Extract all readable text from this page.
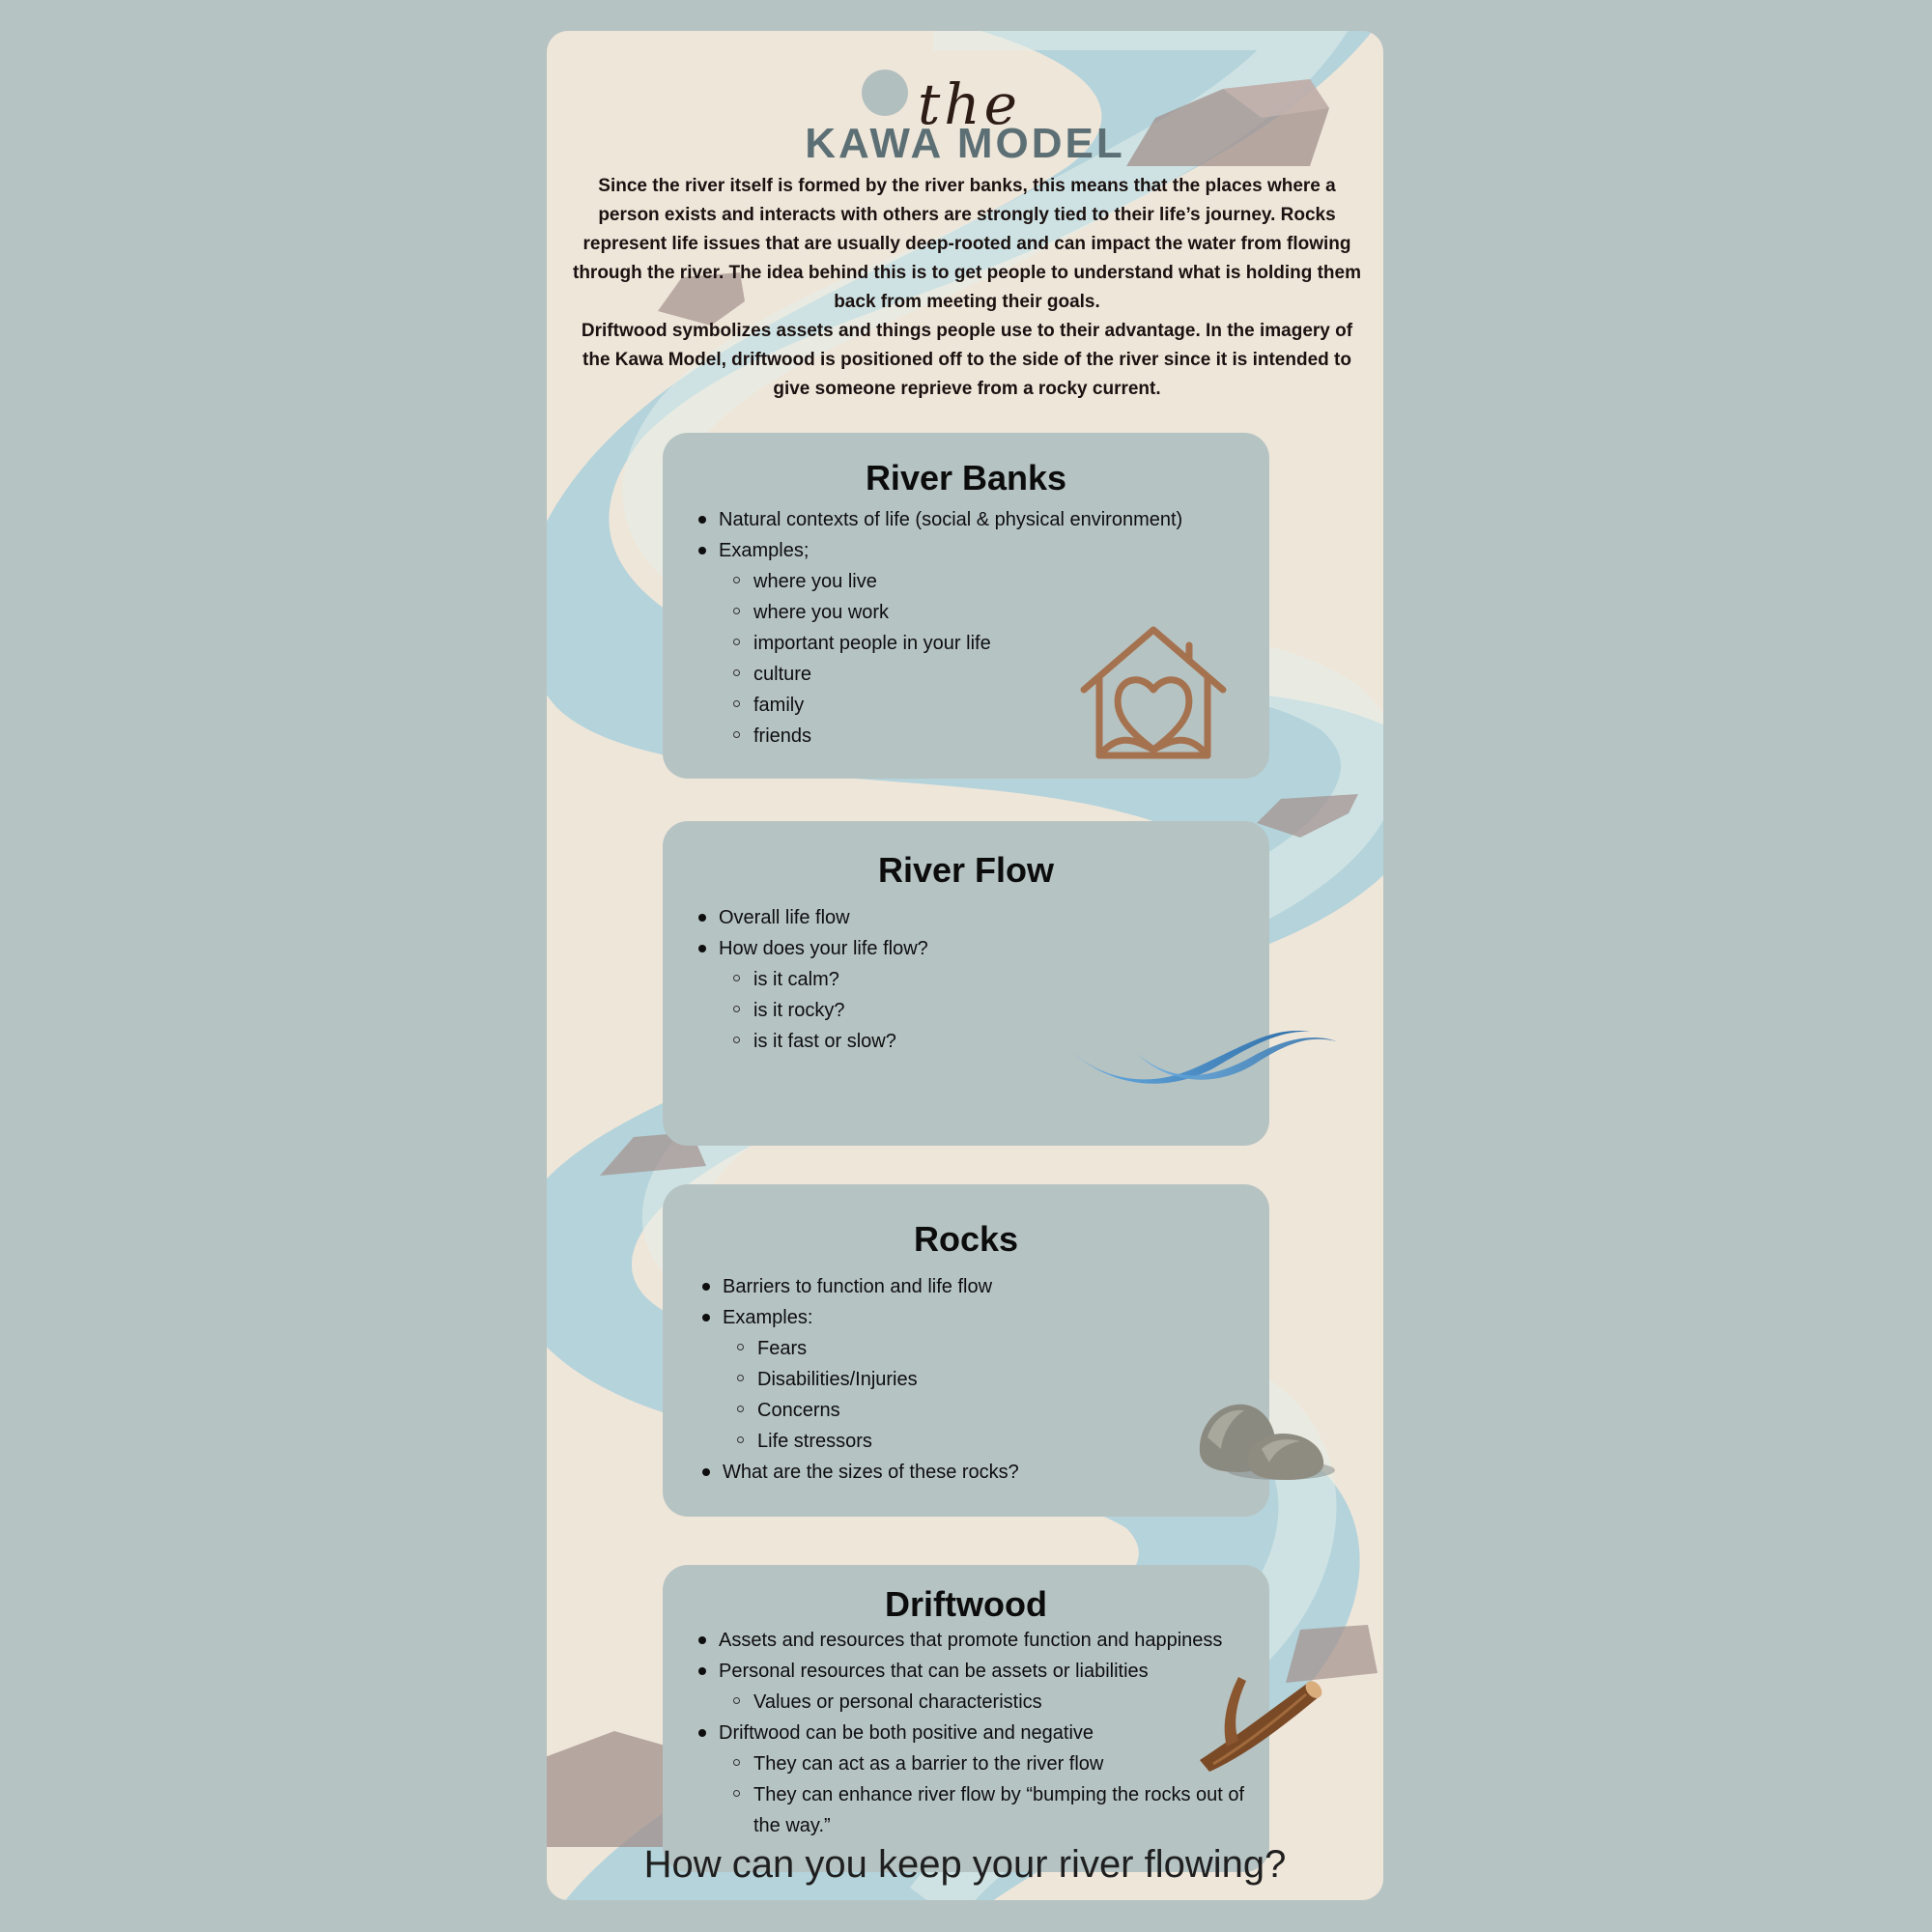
the
KAWA MODEL

Since the river itself is formed by the river banks, this means that the places where a person exists and interacts with others are strongly tied to their life’s journey. Rocks represent life issues that are usually deep-rooted and can impact the water from flowing through the river. The idea behind this is to get people to understand what is holding them back from meeting their goals.

Driftwood symbolizes assets and things people use to their advantage. In the imagery of the Kawa Model, driftwood is positioned off to the side of the river since it is intended to give someone reprieve from a rocky current.

River Banks
Natural contexts of life (social & physical environment)
Examples;
where you live
where you work
important people in your life
culture
family
friends
River Flow
Overall life flow
How does your life flow?
is it calm?
is it rocky?
is it fast or slow?
Rocks
Barriers to function and life flow
Examples:
Fears
Disabilities/Injuries
Concerns
Life stressors
What are the sizes of these rocks?
Driftwood
Assets and resources that promote function and happiness
Personal resources that can be assets or liabilities
Values or personal characteristics
Driftwood can be both positive and negative
They can act as a barrier to the river flow
They can enhance river flow by “bumping the rocks out of the way.”
How can you keep your river flowing?
